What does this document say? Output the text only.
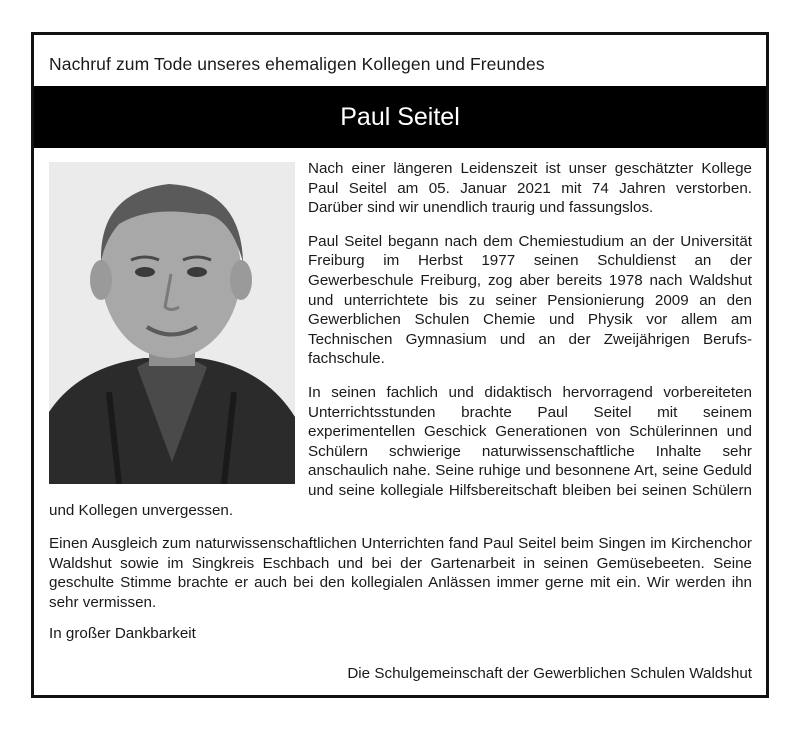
Nachruf zum Tode unseres ehemaligen Kollegen und Freundes
Paul Seitel

Nach einer längeren Leidenszeit ist unser geschätzter Kollege Paul Seitel am 05. Januar 2021 mit 74 Jahren verstorben. Darüber sind wir unendlich traurig und fassungslos.

Paul Seitel begann nach dem Chemiestudium an der Universität Freiburg im Herbst 1977 seinen Schuldienst an der Gewerbeschule Freiburg, zog aber bereits 1978 nach Waldshut und unterrichtete bis zu seiner Pensionierung 2009 an den Gewerblichen Schulen Chemie und Physik vor allem am Technischen Gymnasium und an der Zweijährigen Berufsfachschule.

In seinen fachlich und didaktisch hervorragend vorbereiteten Unterrichtsstunden brachte Paul Seitel mit seinem experimentellen Geschick Generationen von Schülerinnen und Schülern schwierige naturwissenschaftliche Inhalte sehr anschaulich nahe. Seine ruhige und besonnene Art, seine Geduld und seine kollegiale Hilfsbereitschaft bleiben bei seinen Schülern und Kollegen unvergessen.

Einen Ausgleich zum naturwissenschaftlichen Unterrichten fand Paul Seitel beim Singen im Kirchenchor Waldshut sowie im Singkreis Eschbach und bei der Gartenarbeit in seinen Gemüsebeeten. Seine geschulte Stimme brachte er auch bei den kollegialen Anlässen immer gerne mit ein. Wir werden ihn sehr vermissen.

In großer Dankbarkeit
Die Schulgemeinschaft der Gewerblichen Schulen Waldshut
